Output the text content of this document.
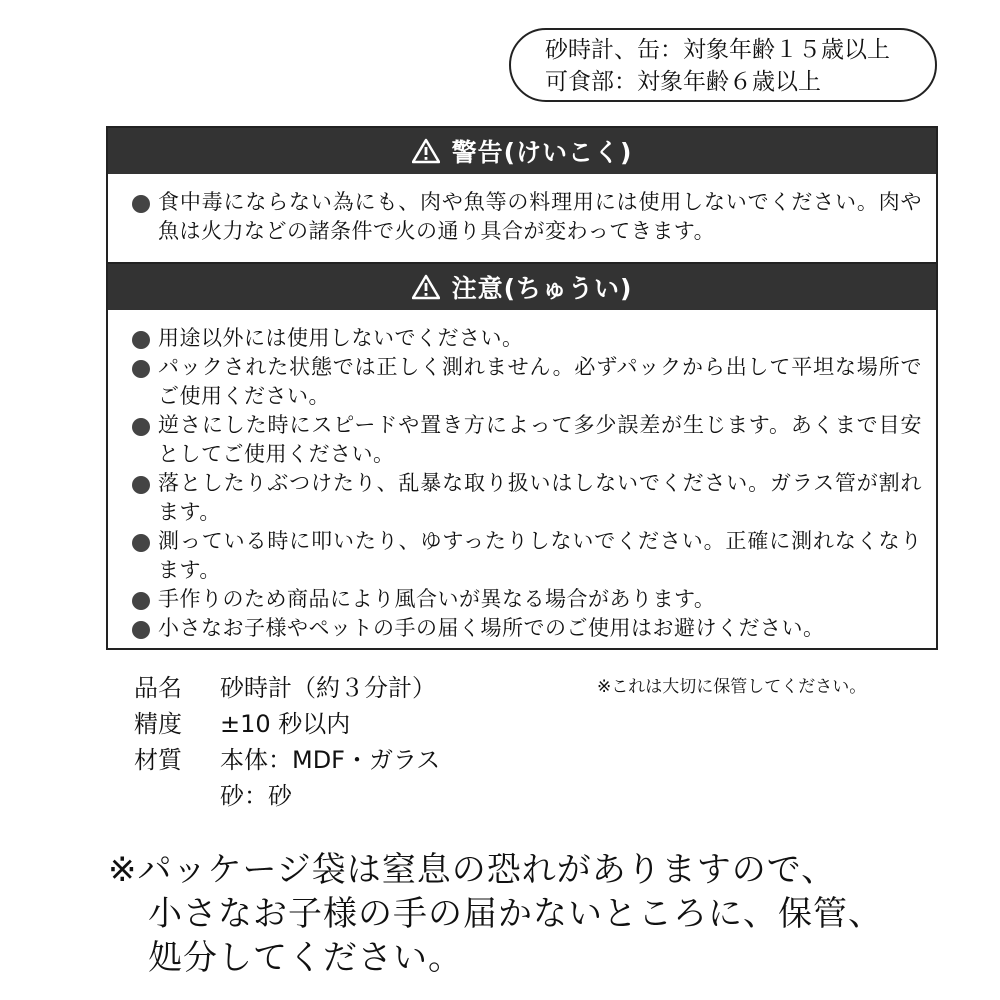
砂時計、缶：対象年齢１５歳以上
可食部：対象年齢６歳以上
警告(けいこく)
食中毒にならない為にも、肉や魚等の料理用には使用しないでください。肉や魚は火力などの諸条件で火の通り具合が変わってきます。
注意(ちゅうい)
用途以外には使用しないでください。
パックされた状態では正しく測れません。必ずパックから出して平坦な場所でご使用ください。
逆さにした時にスピードや置き方によって多少誤差が生じます。あくまで目安としてご使用ください。
落としたりぶつけたり、乱暴な取り扱いはしないでください。ガラス管が割れます。
測っている時に叩いたり、ゆすったりしないでください。正確に測れなくなります。
手作りのため商品により風合いが異なる場合があります。
小さなお子様やペットの手の届く場所でのご使用はお避けください。
品名	砂時計（約３分計）
精度	±10 秒以内
材質	本体：MDF・ガラス
砂：砂
※これは大切に保管してください。
※パッケージ袋は窒息の恐れがありますので、
小さなお子様の手の届かないところに、保管、
処分してください。
